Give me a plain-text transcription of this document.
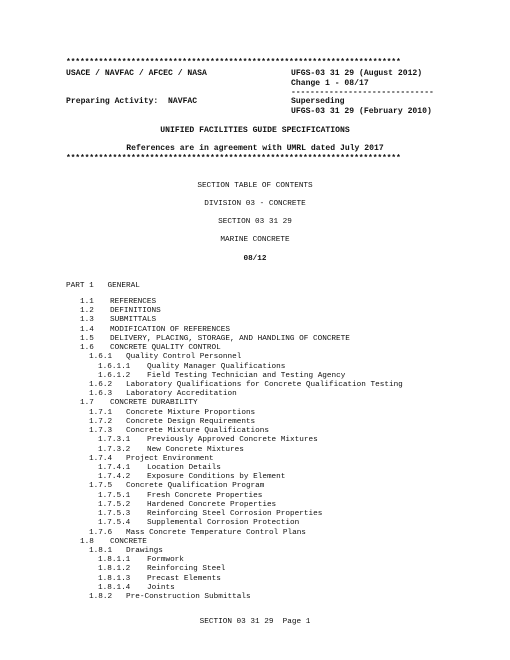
************************************************************************
USACE / NAVFAC / AFCEC / NASA	UFGS-03 31 29 (August 2012)
Change 1 - 08/17
------------------------------
Preparing Activity:  NAVFAC	Superseding
UFGS-03 31 29 (February 2010)
UNIFIED FACILITIES GUIDE SPECIFICATIONS
References are in agreement with UMRL dated July 2017
************************************************************************
SECTION TABLE OF CONTENTS
DIVISION 03 - CONCRETE
SECTION 03 31 29
MARINE CONCRETE
08/12
PART 1   GENERAL
1.1 REFERENCES
1.2 DEFINITIONS
1.3 SUBMITTALS
1.4 MODIFICATION OF REFERENCES
1.5 DELIVERY, PLACING, STORAGE, AND HANDLING OF CONCRETE
1.6 CONCRETE QUALITY CONTROL
1.6.1 Quality Control Personnel
1.6.1.1 Quality Manager Qualifications
1.6.1.2 Field Testing Technician and Testing Agency
1.6.2 Laboratory Qualifications for Concrete Qualification Testing
1.6.3 Laboratory Accreditation
1.7 CONCRETE DURABILITY
1.7.1 Concrete Mixture Proportions
1.7.2 Concrete Design Requirements
1.7.3 Concrete Mixture Qualifications
1.7.3.1 Previously Approved Concrete Mixtures
1.7.3.2 New Concrete Mixtures
1.7.4 Project Environment
1.7.4.1 Location Details
1.7.4.2 Exposure Conditions by Element
1.7.5 Concrete Qualification Program
1.7.5.1 Fresh Concrete Properties
1.7.5.2 Hardened Concrete Properties
1.7.5.3 Reinforcing Steel Corrosion Properties
1.7.5.4 Supplemental Corrosion Protection
1.7.6 Mass Concrete Temperature Control Plans
1.8 CONCRETE
1.8.1 Drawings
1.8.1.1 Formwork
1.8.1.2 Reinforcing Steel
1.8.1.3 Precast Elements
1.8.1.4 Joints
1.8.2 Pre-Construction Submittals
SECTION 03 31 29  Page 1
